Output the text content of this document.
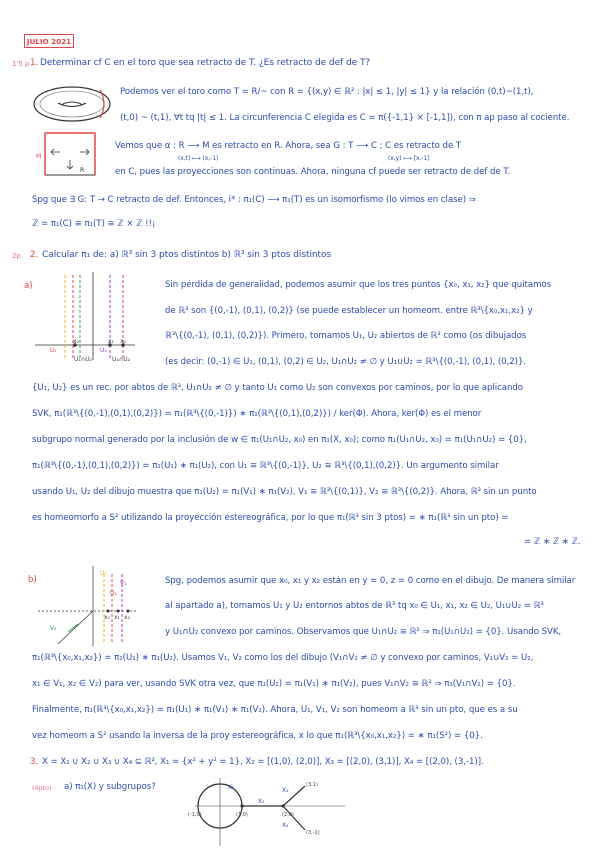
JULIO 2021
1'5 p 1. Determinar cf C en el toro que sea retracto de T. ¿Es retracto de def de T?
Podemos ver el toro como T = R/~ con R = {(x,y) ∈ ℝ² : |x| ≤ 1, |y| ≤ 1} y la relación (0,t)~(1,t),
(t,0) ~ (t,1), ∀t tq |t| ≤ 1. La circunferencia C elegida es C = π({-1,1} × [-1,1]), con π ap paso al cociente.
M
R
Vemos que α : R ⟶ M es retracto en R. Ahora, sea G : T ⟶ C ; C es retracto de T
(x,t) ⟼ (x,-1)	(x,y) ⟼ [x,-1]
en C, pues las proyecciones son continuas. Ahora, ninguna cf puede ser retracto de def de T.
Spg que ∃ G: T → C retracto de def. Entonces, i* : π₁(C) ⟶ π₁(T) es un isomorfismo (lo vimos en clase) ⇒
ℤ = π₁(C) ≅ π₁(T) ≅ ℤ × ℤ !!¡
2p 2. Calcular π₁ de: a) ℝ³ sin 3 ptos distintos b) ℝ³ sin 3 ptos distintos
a)
x₀	x₁ x₂
U₁	U₂
U₁∩U₂	U₁∩U₂
Sin pérdida de generalidad, podemos asumir que los tres puntos {x₀, x₁, x₂} que quitamos
de ℝ³ son {(0,-1), (0,1), (0,2)} (se puede establecer un homeom. entre ℝ³\{x₀,x₁,x₂} y
ℝ³\{(0,-1), (0,1), (0,2)}). Primero, tomamos U₁, U₂ abiertos de ℝ³ como (os dibujados
(es decir: (0,-1) ∈ U₁, (0,1), (0,2) ∈ U₂, U₁∩U₂ ≠ ∅ y U₁∪U₂ = ℝ³\{(0,-1), (0,1), (0,2)}.
{U₁, U₂} es un rec. por abtos de ℝ³, U₁∩U₂ ≠ ∅ y tanto U₁ como U₂ son convexos por caminos, por lo que aplicando
SVK, π₁(ℝ³\{(0,-1),(0,1),(0,2)}) = π₁(ℝ³\{(0,-1)}) ∗ π₁(ℝ³\{(0,1),(0,2)}) / ker(Φ). Ahora, ker(Φ) es el menor
subgrupo normal generado por la inclusión de w ∈ π₁(U₁∩U₂, x₀) en π₁(X, x₀); como π₁(U₁∩U₂, x₀) = π₁(U₁∩U₂) = {0},
π₁(ℝ³\{(0,-1),(0,1),(0,2)}) = π₁(U₁) ∗ π₁(U₂), con U₁ ≅ ℝ³\{(0,-1)}, U₂ ≅ ℝ³\{(0,1),(0,2)}. Un argumento similar
usando U₁, U₂ del dibujo muestra que π₁(U₂) = π₁(V₁) ∗ π₁(V₂), V₁ ≅ ℝ³\{(0,1)}, V₂ ≅ ℝ³\{(0,2)}. Ahora, ℝ³ sin un punto
es homeomorfo a S² utilizando la proyección estereográfica, por lo que π₁(ℝ³ sin 3 ptos) = ∗ π₁(ℝ³ sin un pto) =
= ℤ ∗ ℤ ∗ ℤ.
b)
U₁
U₂
V₁
V₂
x₀ x₁ x₂
Spg, podemos asumir que x₀, x₁ y x₂ están en y = 0, z = 0 como en el dibujo. De manera similar
al apartado a), tomamos U₁ y U₂ entornos abtos de ℝ³ tq x₀ ∈ U₁, x₁, x₂ ∈ U₂, U₁∪U₂ = ℝ³
y U₁∩U₂ convexo por caminos. Observamos que U₁∩U₂ ≅ ℝ² ⇒ π₁(U₁∩U₂) = {0}. Usando SVK,
π₁(ℝ³\{x₀,x₁,x₂}) = π₁(U₁) ∗ π₁(U₂). Usamos V₁, V₂ como los del dibujo (V₁∩V₂ ≠ ∅ y convexo por caminos, V₁∪V₂ = U₂,
x₁ ∈ V₁, x₂ ∈ V₂) para ver, usando SVK otra vez, que π₁(U₂) = π₁(V₁) ∗ π₁(V₂), pues V₁∩V₂ ≅ ℝ² ⇒ π₁(V₁∩V₂) = {0}.
Finalmente, π₁(ℝ³\{x₀,x₁,x₂}) = π₁(U₁) ∗ π₁(V₁) ∗ π₁(V₂). Ahora, U₁, V₁, V₂ son homeom a ℝ³ sin un pto, que es a su
vez homeom a S² usando la inversa de la proy estereográfica, x lo que π₁(ℝ³\{x₀,x₁,x₂}) = ∗ π₁(S²) = {0}.
3. X = X₁ ∪ X₂ ∪ X₃ ∪ X₄ ⊆ ℝ², X₁ = {x² + y² = 1}, X₂ = [(1,0), (2,0)], X₃ = [(2,0), (3,1)], X₄ = [(2,0), (3,-1)].
(4pto) a) π₁(X) y subgrupos?	X₁
X₂
X₃
X₄
(-1,0)	(1,0)	(2,0)
(3,1)
(3,-1)
